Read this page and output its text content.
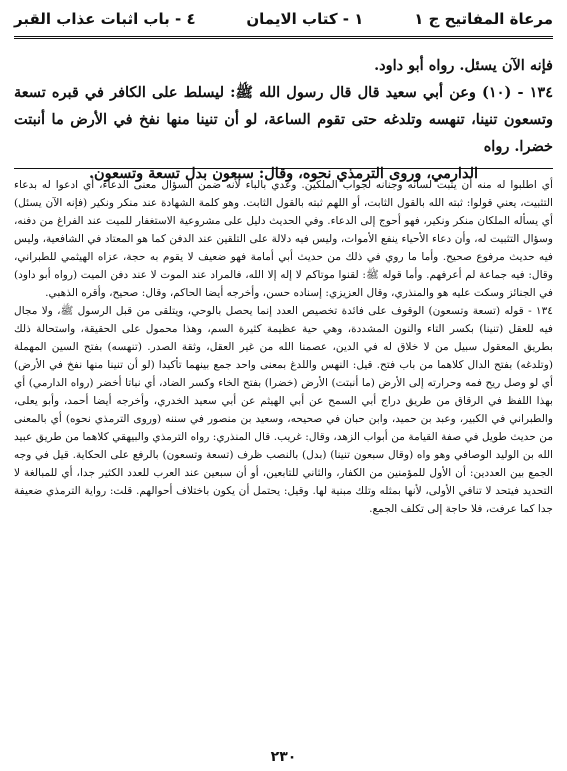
مرعاة المفاتيح ج ١
١ - كتاب الايمان
٤ - باب اثبات عذاب القبر

فإنه الآن يسئل. رواه أبو داود.

١٣٤ - (١٠) وعن أبي سعيد قال قال رسول الله ﷺ: ليسلط على الكافر في قبره تسعة وتسعون تنينا، تنهسه وتلدغه حتى تقوم الساعة، لو أن تنينا منها نفخ في الأرض ما أنبتت خضرا. رواه

الدارمي، وروى الترمذي نحوه، وقال: سبعون بدل تسعة وتسعون.

أي اطلبوا له منه أن يثبت لسانه وجنانه لجواب الملكين. وعدي بالباء لأنه ضمن السؤال معنى الدعاء، أي ادعوا له بدعاء التثبيت، يعني قولوا: ثبته الله بالقول الثابت، أو اللهم ثبته بالقول الثابت. وهو كلمة الشهادة عند منكر ونكير (فإنه الآن يسئل) أي يسأله الملكان منكر ونكير، فهو أحوج إلى الدعاء. وفي الحديث دليل على مشروعية الاستغفار للميت عند الفراغ من دفنه، وسؤال التثبيت له، وأن دعاء الأحياء ينفع الأموات، وليس فيه دلالة على التلقين عند الدفن كما هو المعتاد في الشافعية، وليس فيه حديث مرفوع صحيح. وأما ما روي في ذلك من حديث أبي أمامة فهو ضعيف لا يقوم به حجة، عزاه الهيثمي للطبراني، وقال: فيه جماعة لم أعرفهم. وأما قوله ﷺ: لقنوا موتاكم لا إله إلا الله، فالمراد عند الموت لا عند دفن الميت (رواه أبو داود) في الجنائز وسكت عليه هو والمنذري، وقال العزيزي: إسناده حسن، وأخرجه أيضا الحاكم، وقال: صحيح، وأقره الذهبي.

١٣٤ - قوله (تسعة وتسعون) الوقوف على فائدة تخصيص العدد إنما يحصل بالوحي، ويتلقى من قبل الرسول ﷺ، ولا مجال فيه للعقل (تنينا) بكسر التاء والنون المشددة، وهي حية عظيمة كثيرة السم، وهذا محمول على الحقيقة، واستحالة ذلك بطريق المعقول سبيل من لا خلاق له في الدين، عصمنا الله من غير العقل، وثقة الصدر. (تنهسه) بفتح السين المهملة (وتلدغه) بفتح الدال كلاهما من باب فتح. قيل: النهس واللدغ بمعنى واحد جمع بينهما تأكيدا (لو أن تنينا منها نفخ في الأرض) أي لو وصل ريح فمه وحرارته إلى الأرض (ما أنبتت) الأرض (خضرا) بفتح الخاء وكسر الضاد، أي نباتا أخضر (رواه الدارمي) أي بهذا اللفظ في الرقاق من طريق دراج أبي السمح عن أبي الهيثم عن أبي سعيد الخدري، وأخرجه أيضا أحمد، وأبو يعلى، والطبراني في الكبير، وعبد بن حميد، وابن حبان في صحيحه، وسعيد بن منصور في سننه (وروى الترمذي نحوه) أي بالمعنى من حديث طويل في صفة القيامة من أبواب الزهد، وقال: غريب. قال المنذري: رواه الترمذي والبيهقي كلاهما من طريق عبيد الله بن الوليد الوصافي وهو واه (وقال سبعون تنينا) (بدل) بالنصب ظرف (تسعة وتسعون) بالرفع على الحكاية. قيل في وجه الجمع بين العددين: أن الأول للمؤمنين من الكفار، والثاني للتابعين، أو أن سبعين عند العرب للعدد الكثير جدا، أي للمبالغة لا التحديد فيتحد لا تنافي الأولى، لأنها بمثله وتلك مبنية لها. وقيل: يحتمل أن يكون باختلاف أحوالهم. قلت: رواية الترمذي ضعيفة جدا كما عرفت، فلا حاجة إلى تكلف الجمع.

٢٣٠
